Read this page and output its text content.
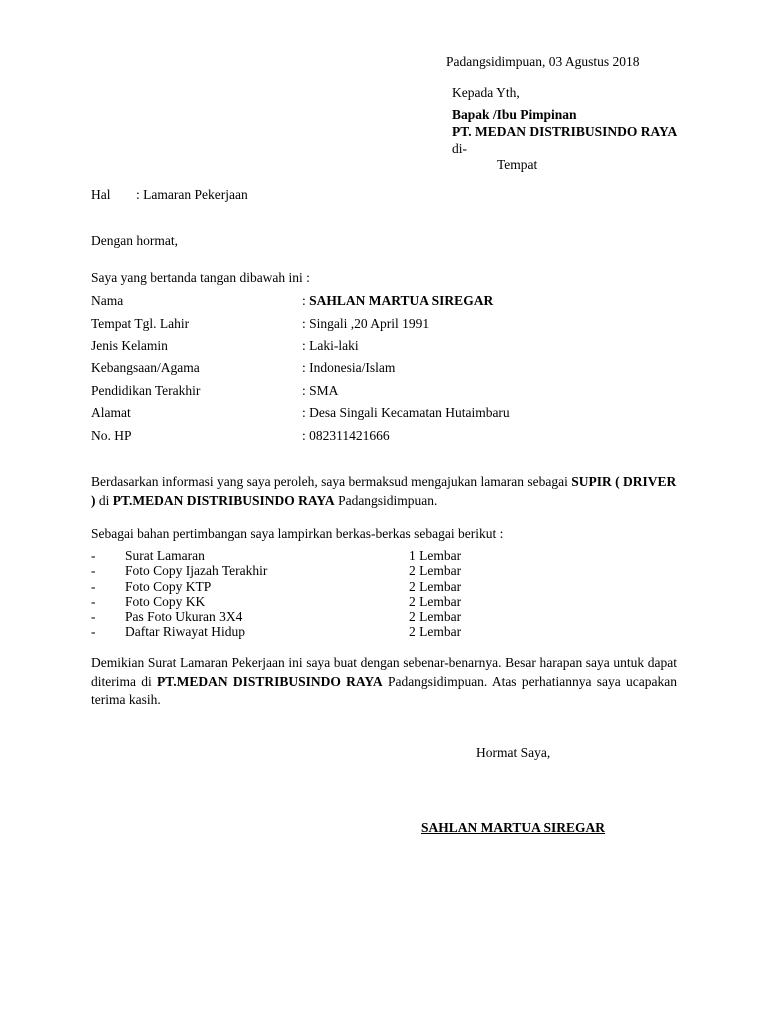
Padangsidimpuan, 03 Agustus 2018
Kepada Yth,
Bapak /Ibu Pimpinan
PT. MEDAN DISTRIBUSINDO RAYA
di-
Tempat
Hal : Lamaran Pekerjaan
Dengan hormat,
Saya yang bertanda tangan dibawah ini :
Nama	: SAHLAN MARTUA SIREGAR
Tempat Tgl. Lahir	: Singali ,20 April 1991
Jenis Kelamin	: Laki-laki
Kebangsaan/Agama	: Indonesia/Islam
Pendidikan Terakhir	: SMA
Alamat	: Desa Singali Kecamatan Hutaimbaru
No. HP	: 082311421666
Berdasarkan informasi yang saya peroleh, saya bermaksud mengajukan lamaran sebagai SUPIR ( DRIVER ) di PT.MEDAN DISTRIBUSINDO RAYA Padangsidimpuan.
Sebagai bahan pertimbangan saya lampirkan berkas-berkas sebagai berikut :
- Surat Lamaran	1 Lembar
- Foto Copy Ijazah Terakhir	2 Lembar
- Foto Copy KTP	2 Lembar
- Foto Copy KK	2 Lembar
- Pas Foto Ukuran 3X4	2 Lembar
- Daftar Riwayat Hidup	2 Lembar
Demikian Surat Lamaran Pekerjaan ini saya buat dengan sebenar-benarnya. Besar harapan saya untuk dapat diterima di PT.MEDAN DISTRIBUSINDO RAYA Padangsidimpuan. Atas perhatiannya saya ucapakan terima kasih.
Hormat Saya,
SAHLAN MARTUA SIREGAR
